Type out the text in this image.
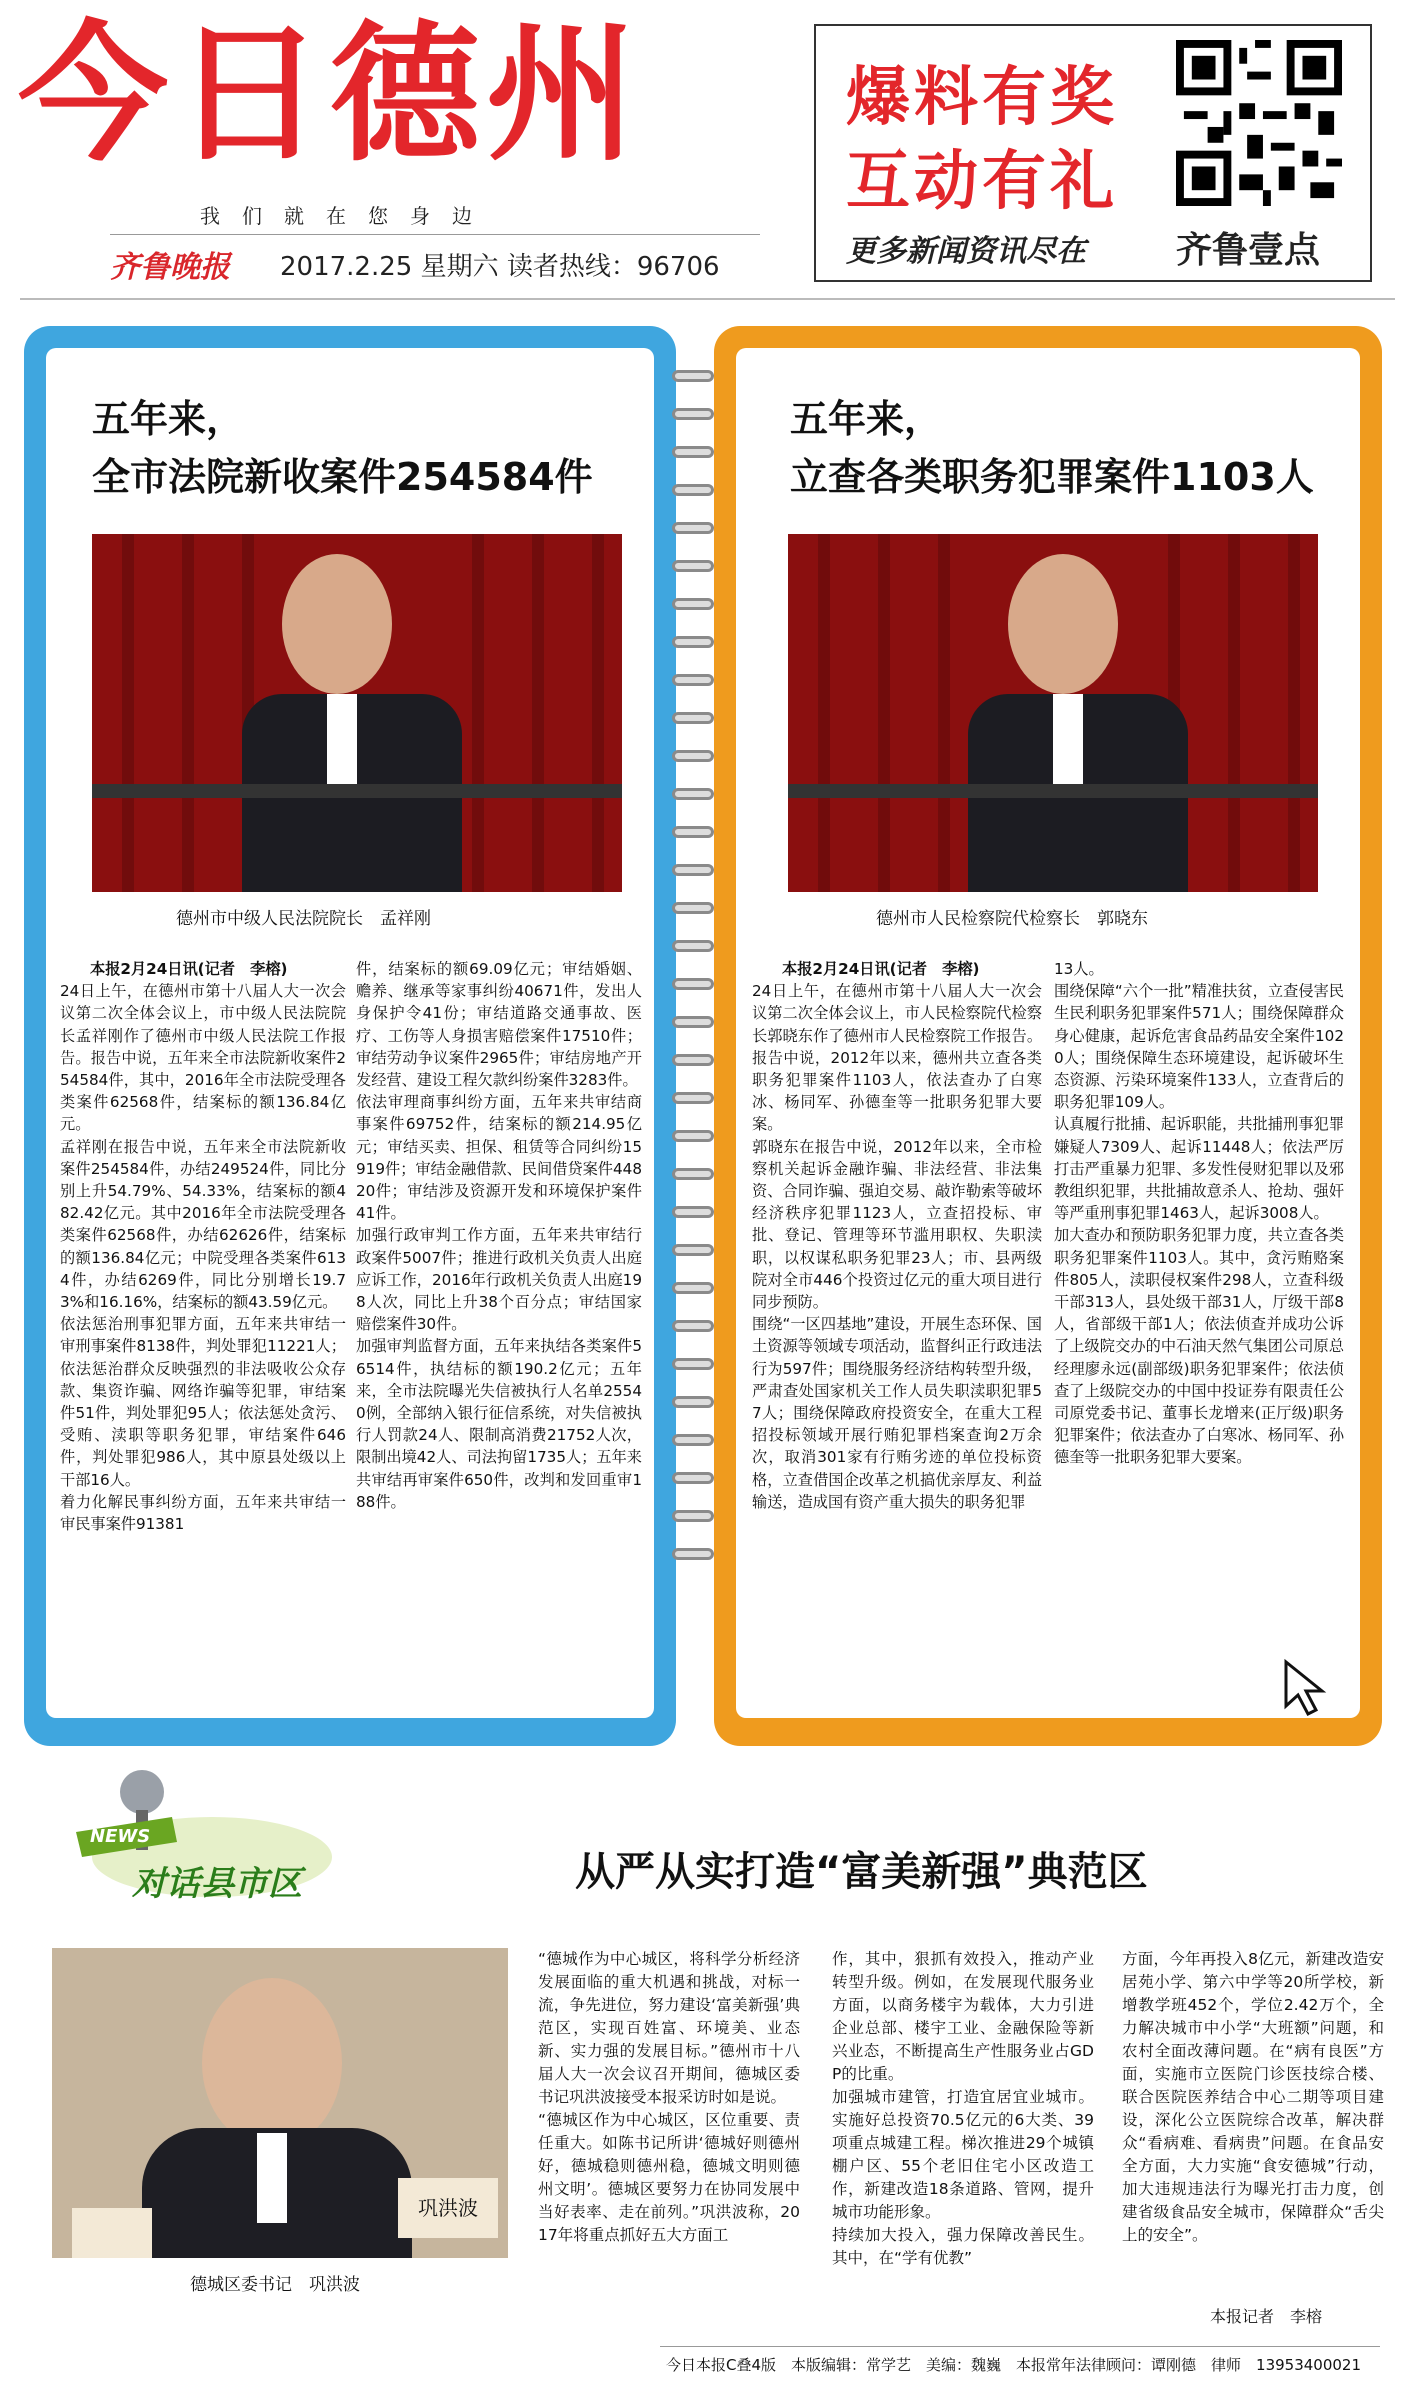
今日德州
我们就在您身边
齐鲁晚报 2017.2.25 星期六 读者热线：96706
爆料有奖
互动有礼
更多新闻资讯尽在	齐鲁壹点
五年来，
全市法院新收案件254584件
德州市中级人民法院院长　孟祥刚
本报2月24日讯(记者　李榕)
24日上午，在德州市第十八届人大一次会议第二次全体会议上，市中级人民法院院长孟祥刚作了德州市中级人民法院工作报告。报告中说，五年来全市法院新收案件254584件，其中，2016年全市法院受理各类案件62568件，结案标的额136.84亿元。
孟祥刚在报告中说，五年来全市法院新收案件254584件，办结249524件，同比分别上升54.79%、54.33%，结案标的额482.42亿元。其中2016年全市法院受理各类案件62568件，办结62626件，结案标的额136.84亿元；中院受理各类案件6134件，办结6269件，同比分别增长19.73%和16.16%，结案标的额43.59亿元。
依法惩治刑事犯罪方面，五年来共审结一审刑事案件8138件，判处罪犯11221人；依法惩治群众反映强烈的非法吸收公众存款、集资诈骗、网络诈骗等犯罪，审结案件51件，判处罪犯95人；依法惩处贪污、受贿、渎职等职务犯罪，审结案件646件，判处罪犯986人，其中原县处级以上干部16人。
着力化解民事纠纷方面，五年来共审结一审民事案件91381
件，结案标的额69.09亿元；审结婚姻、赡养、继承等家事纠纷40671件，发出人身保护令41份；审结道路交通事故、医疗、工伤等人身损害赔偿案件17510件；审结劳动争议案件2965件；审结房地产开发经营、建设工程欠款纠纷案件3283件。
依法审理商事纠纷方面，五年来共审结商事案件69752件，结案标的额214.95亿元；审结买卖、担保、租赁等合同纠纷15919件；审结金融借款、民间借贷案件44820件；审结涉及资源开发和环境保护案件41件。
加强行政审判工作方面，五年来共审结行政案件5007件；推进行政机关负责人出庭应诉工作，2016年行政机关负责人出庭198人次，同比上升38个百分点；审结国家赔偿案件30件。
加强审判监督方面，五年来执结各类案件56514件，执结标的额190.2亿元；五年来，全市法院曝光失信被执行人名单25540例，全部纳入银行征信系统，对失信被执行人罚款24人、限制高消费21752人次，限制出境42人、司法拘留1735人；五年来共审结再审案件650件，改判和发回重审188件。
五年来，
立查各类职务犯罪案件1103人
德州市人民检察院代检察长　郭晓东
本报2月24日讯(记者　李榕)
24日上午，在德州市第十八届人大一次会议第二次全体会议上，市人民检察院代检察长郭晓东作了德州市人民检察院工作报告。报告中说，2012年以来，德州共立查各类职务犯罪案件1103人，依法查办了白寒冰、杨同军、孙德奎等一批职务犯罪大要案。
郭晓东在报告中说，2012年以来，全市检察机关起诉金融诈骗、非法经营、非法集资、合同诈骗、强迫交易、敲诈勒索等破坏经济秩序犯罪1123人，立查招投标、审批、登记、管理等环节滥用职权、失职渎职，以权谋私职务犯罪23人；市、县两级院对全市446个投资过亿元的重大项目进行同步预防。
围绕“一区四基地”建设，开展生态环保、国土资源等领域专项活动，监督纠正行政违法行为597件；围绕服务经济结构转型升级，严肃查处国家机关工作人员失职渎职犯罪57人；围绕保障政府投资安全，在重大工程招投标领域开展行贿犯罪档案查询2万余次，取消301家有行贿劣迹的单位投标资格，立查借国企改革之机搞优亲厚友、利益输送，造成国有资产重大损失的职务犯罪
13人。
围绕保障“六个一批”精准扶贫，立查侵害民生民利职务犯罪案件571人；围绕保障群众身心健康，起诉危害食品药品安全案件1020人；围绕保障生态环境建设，起诉破坏生态资源、污染环境案件133人，立查背后的职务犯罪109人。
认真履行批捕、起诉职能，共批捕刑事犯罪嫌疑人7309人、起诉11448人；依法严厉打击严重暴力犯罪、多发性侵财犯罪以及邪教组织犯罪，共批捕故意杀人、抢劫、强奸等严重刑事犯罪1463人，起诉3008人。
加大查办和预防职务犯罪力度，共立查各类职务犯罪案件1103人。其中，贪污贿赂案件805人，渎职侵权案件298人，立查科级干部313人，县处级干部31人，厅级干部8人，省部级干部1人；依法侦查并成功公诉了上级院交办的中石油天然气集团公司原总经理廖永远(副部级)职务犯罪案件；依法侦查了上级院交办的中国中投证券有限责任公司原党委书记、董事长龙增来(正厅级)职务犯罪案件；依法查办了白寒冰、杨同军、孙德奎等一批职务犯罪大要案。
NEWS
对话县市区	从严从实打造“富美新强”典范区
巩洪波
德城区委书记　巩洪波
“德城作为中心城区，将科学分析经济发展面临的重大机遇和挑战，对标一流，争先进位，努力建设‘富美新强’典范区，实现百姓富、环境美、业态新、实力强的发展目标。”德州市十八届人大一次会议召开期间，德城区委书记巩洪波接受本报采访时如是说。
“德城区作为中心城区，区位重要、责任重大。如陈书记所讲‘德城好则德州好，德城稳则德州稳，德城文明则德州文明’。德城区要努力在协同发展中当好表率、走在前列。”巩洪波称，2017年将重点抓好五大方面工
作，其中，狠抓有效投入，推动产业转型升级。例如，在发展现代服务业方面，以商务楼宇为载体，大力引进企业总部、楼宇工业、金融保险等新兴业态，不断提高生产性服务业占GDP的比重。
加强城市建管，打造宜居宜业城市。实施好总投资70.5亿元的6大类、39项重点城建工程。梯次推进29个城镇棚户区、55个老旧住宅小区改造工作，新建改造18条道路、管网，提升城市功能形象。
持续加大投入，强力保障改善民生。其中，在“学有优教”
方面，今年再投入8亿元，新建改造安居苑小学、第六中学等20所学校，新增教学班452个，学位2.42万个，全力解决城市中小学“大班额”问题，和农村全面改薄问题。在“病有良医”方面，实施市立医院门诊医技综合楼、联合医院医养结合中心二期等项目建设，深化公立医院综合改革，解决群众“看病难、看病贵”问题。在食品安全方面，大力实施“食安德城”行动，加大违规违法行为曝光打击力度，创建省级食品安全城市，保障群众“舌尖上的安全”。
本报记者　李榕
今日本报C叠4版　本版编辑：常学艺　美编：魏巍　本报常年法律顾问：谭刚德　律师　13953400021
